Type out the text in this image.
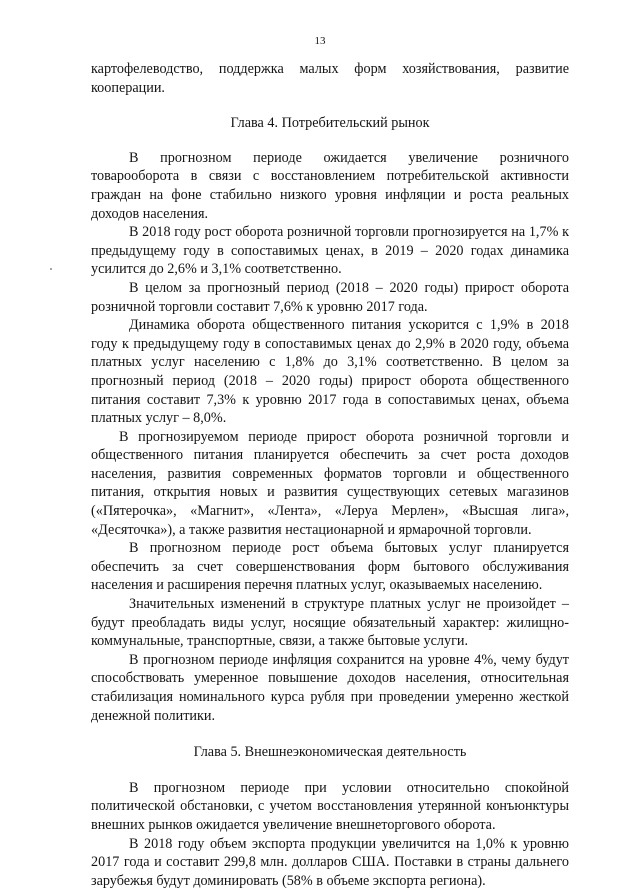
13

картофелеводство, поддержка малых форм хозяйствования, развитие кооперации.

Глава 4. Потребительский рынок

В прогнозном периоде ожидается увеличение розничного товарооборота в связи с восстановлением потребительской активности граждан на фоне стабильно низкого уровня инфляции и роста реальных доходов населения.

В 2018 году рост оборота розничной торговли прогнозируется на 1,7% к предыдущему году в сопоставимых ценах, в 2019 – 2020 годах динамика усилится до 2,6% и 3,1% соответственно.

В целом за прогнозный период (2018 – 2020 годы) прирост оборота розничной торговли составит 7,6% к уровню 2017 года.

Динамика оборота общественного питания ускорится с 1,9% в 2018 году к предыдущему году в сопоставимых ценах до 2,9% в 2020 году, объема платных услуг населению с 1,8% до 3,1% соответственно. В целом за прогнозный период (2018 – 2020 годы) прирост оборота общественного питания составит 7,3% к уровню 2017 года в сопоставимых ценах, объема платных услуг – 8,0%.

В прогнозируемом периоде прирост оборота розничной торговли и общественного питания планируется обеспечить за счет роста доходов населения, развития современных форматов торговли и общественного питания, открытия новых и развития существующих сетевых магазинов («Пятерочка», «Магнит», «Лента», «Леруа Мерлен», «Высшая лига», «Десяточка»), а также развития нестационарной и ярмарочной торговли.

В прогнозном периоде рост объема бытовых услуг планируется обеспечить за счет совершенствования форм бытового обслуживания населения и расширения перечня платных услуг, оказываемых населению.

Значительных изменений в структуре платных услуг не произойдет – будут преобладать виды услуг, носящие обязательный характер: жилищно-коммунальные, транспортные, связи, а также бытовые услуги.

В прогнозном периоде инфляция сохранится на уровне 4%, чему будут способствовать умеренное повышение доходов населения, относительная стабилизация номинального курса рубля при проведении умеренно жесткой денежной политики.

Глава 5. Внешнеэкономическая деятельность

В прогнозном периоде при условии относительно спокойной политической обстановки, с учетом восстановления утерянной конъюнктуры внешних рынков ожидается увеличение внешнеторгового оборота.

В 2018 году объем экспорта продукции увеличится на 1,0% к уровню 2017 года и составит 299,8 млн. долларов США. Поставки в страны дальнего зарубежья будут доминировать (58% в объеме экспорта региона).
